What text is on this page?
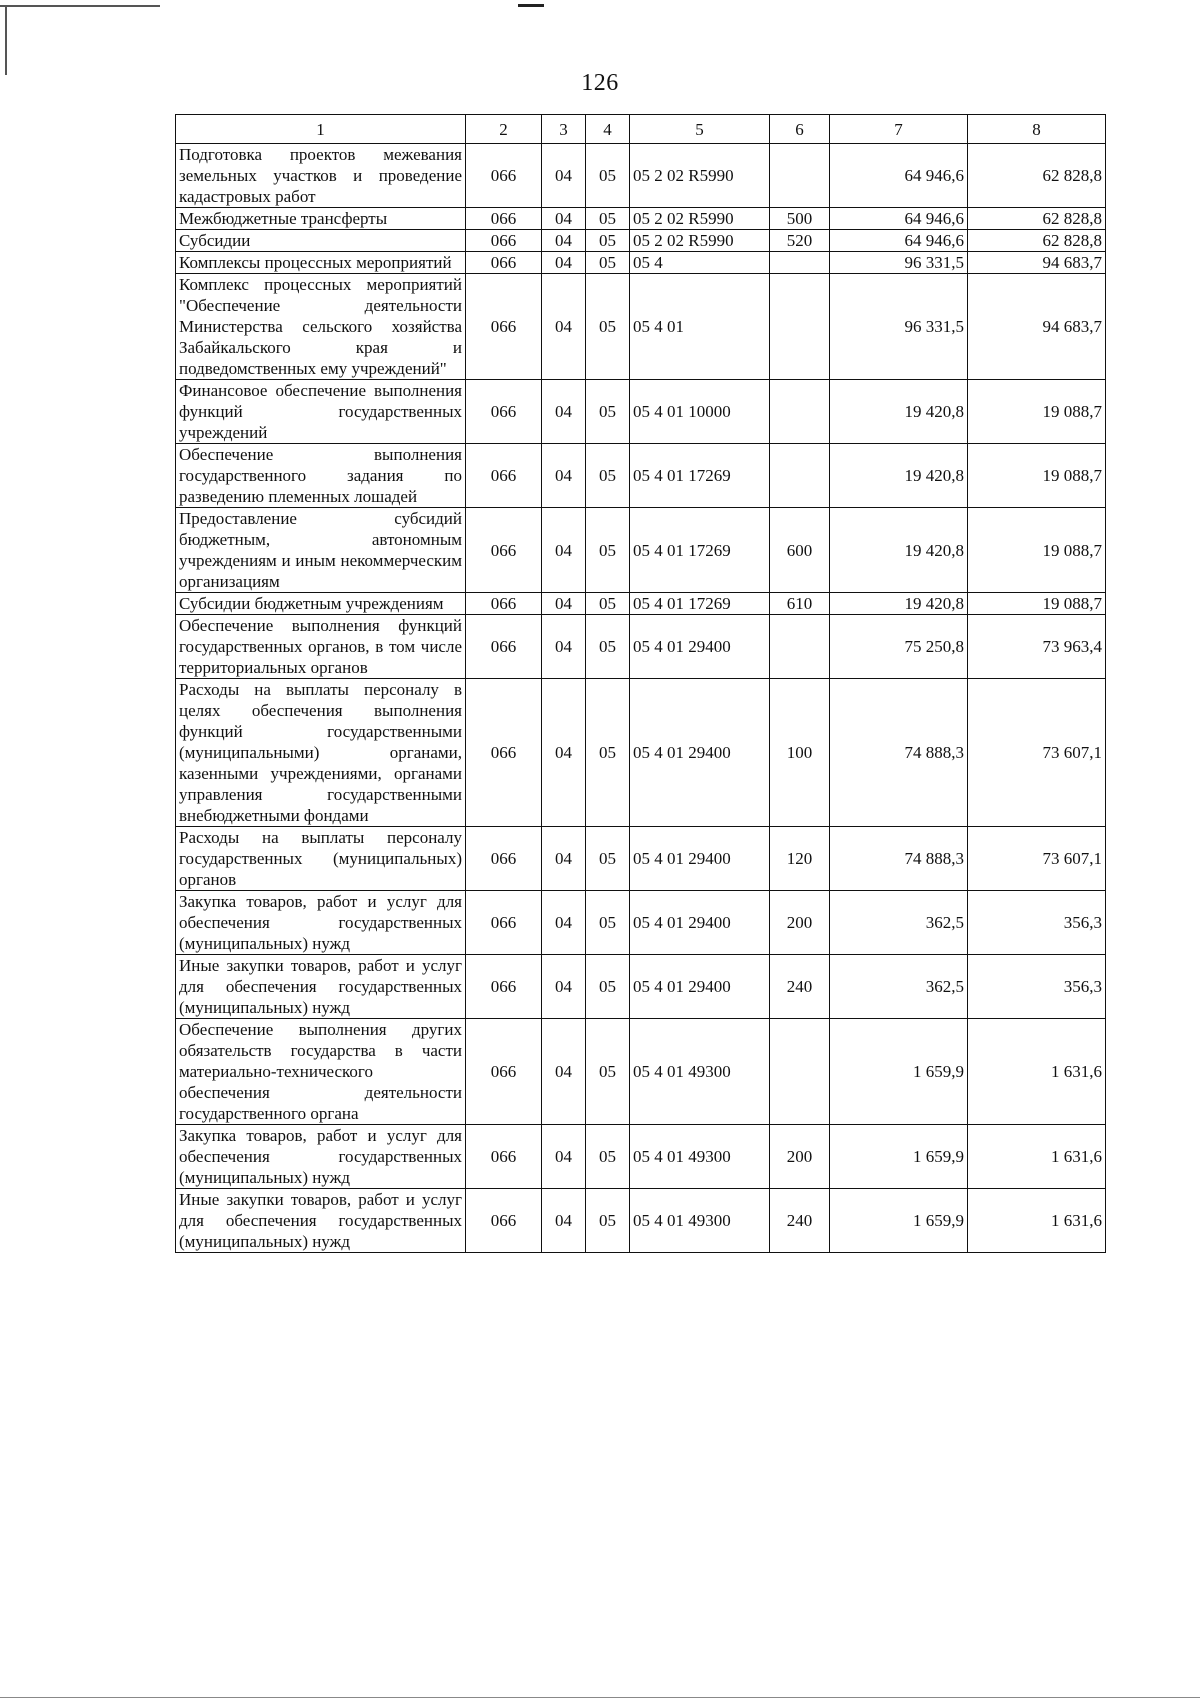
126
1	2	3	4	5	6	7	8
Подготовка проектов межевания земельных участков и проведение кадастровых работ	066	04	05	05 2 02 R5990		64 946,6	62 828,8
Межбюджетные трансферты	066	04	05	05 2 02 R5990	500	64 946,6	62 828,8
Субсидии	066	04	05	05 2 02 R5990	520	64 946,6	62 828,8
Комплексы процессных мероприятий	066	04	05	05 4		96 331,5	94 683,7
Комплекс процессных мероприятий "Обеспечение деятельности Министерства сельского хозяйства Забайкальского края и подведомственных ему учреждений"	066	04	05	05 4 01		96 331,5	94 683,7
Финансовое обеспечение выполнения функций государственных учреждений	066	04	05	05 4 01 10000		19 420,8	19 088,7
Обеспечение выполнения государственного задания по разведению племенных лошадей	066	04	05	05 4 01 17269		19 420,8	19 088,7
Предоставление субсидий бюджетным, автономным учреждениям и иным некоммерческим организациям	066	04	05	05 4 01 17269	600	19 420,8	19 088,7
Субсидии бюджетным учреждениям	066	04	05	05 4 01 17269	610	19 420,8	19 088,7
Обеспечение выполнения функций государственных органов, в том числе территориальных органов	066	04	05	05 4 01 29400		75 250,8	73 963,4
Расходы на выплаты персоналу в целях обеспечения выполнения функций государственными (муниципальными) органами, казенными учреждениями, органами управления государственными внебюджетными фондами	066	04	05	05 4 01 29400	100	74 888,3	73 607,1
Расходы на выплаты персоналу государственных (муниципальных) органов	066	04	05	05 4 01 29400	120	74 888,3	73 607,1
Закупка товаров, работ и услуг для обеспечения государственных (муниципальных) нужд	066	04	05	05 4 01 29400	200	362,5	356,3
Иные закупки товаров, работ и услуг для обеспечения государственных (муниципальных) нужд	066	04	05	05 4 01 29400	240	362,5	356,3
Обеспечение выполнения других обязательств государства в части материально-технического обеспечения деятельности государственного органа	066	04	05	05 4 01 49300		1 659,9	1 631,6
Закупка товаров, работ и услуг для обеспечения государственных (муниципальных) нужд	066	04	05	05 4 01 49300	200	1 659,9	1 631,6
Иные закупки товаров, работ и услуг для обеспечения государственных (муниципальных) нужд	066	04	05	05 4 01 49300	240	1 659,9	1 631,6
